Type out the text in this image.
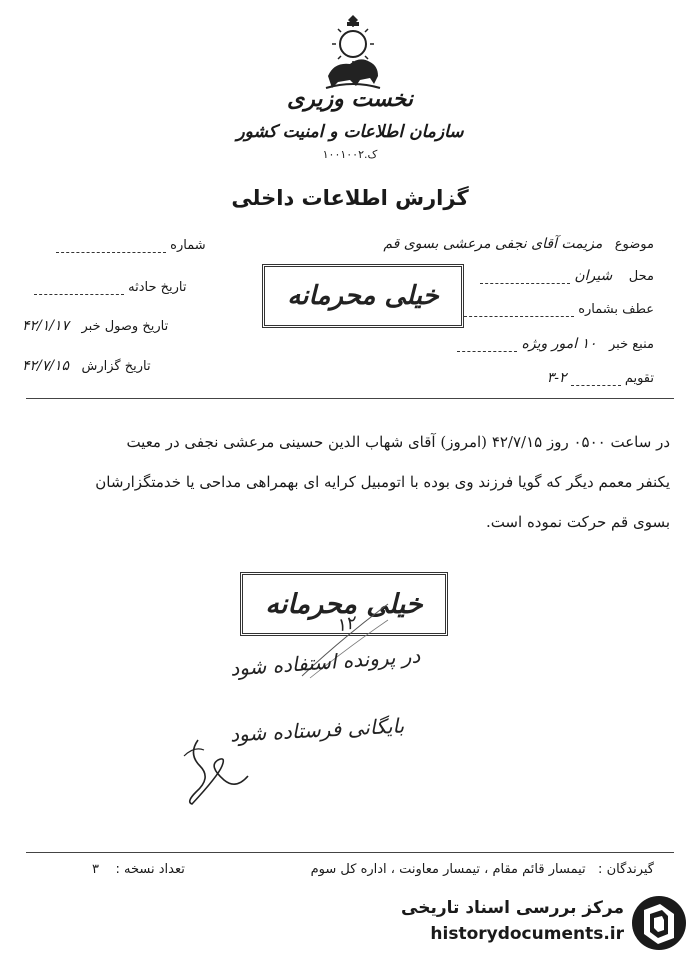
نخست وزیری
سازمان اطلاعات و امنیت کشور
ک.۱۰۰۱۰۰۲
گزارش اطلاعات داخلی
موضوع   مزیمت آقای نجفی مرعشی بسوی قم
محل    شیران
عطف بشماره
منبع خبر   ۱۰ امور ویژه
تقویم  ۲-۳
شماره
تاریخ حادثه
تاریخ وصول خبر   ۴۲/۱/۱۷
تاریخ گزارش   ۴۲/۷/۱۵
خیلی محرمانه
در ساعت ۰۵۰۰ روز ۴۲/۷/۱۵ (امروز) آقای شهاب الدین حسینی مرعشی نجفی در معیت
یکنفر معمم دیگر که گویا فرزند وی بوده با اتومبیل کرایه ای بهمراهی مداحی یا خدمتگزارشان
بسوی قم حرکت نموده است.
خیلی محرمانه
۱۲
در پرونده استفاده شود
بایگانی فرستاده شود
گیرندگان :   تیمسار قائم مقام ، تیمسار معاونت ، اداره کل سوم
تعداد نسخه :    ۳
مرکز بررسی اسناد تاریخی
historydocuments.ir
